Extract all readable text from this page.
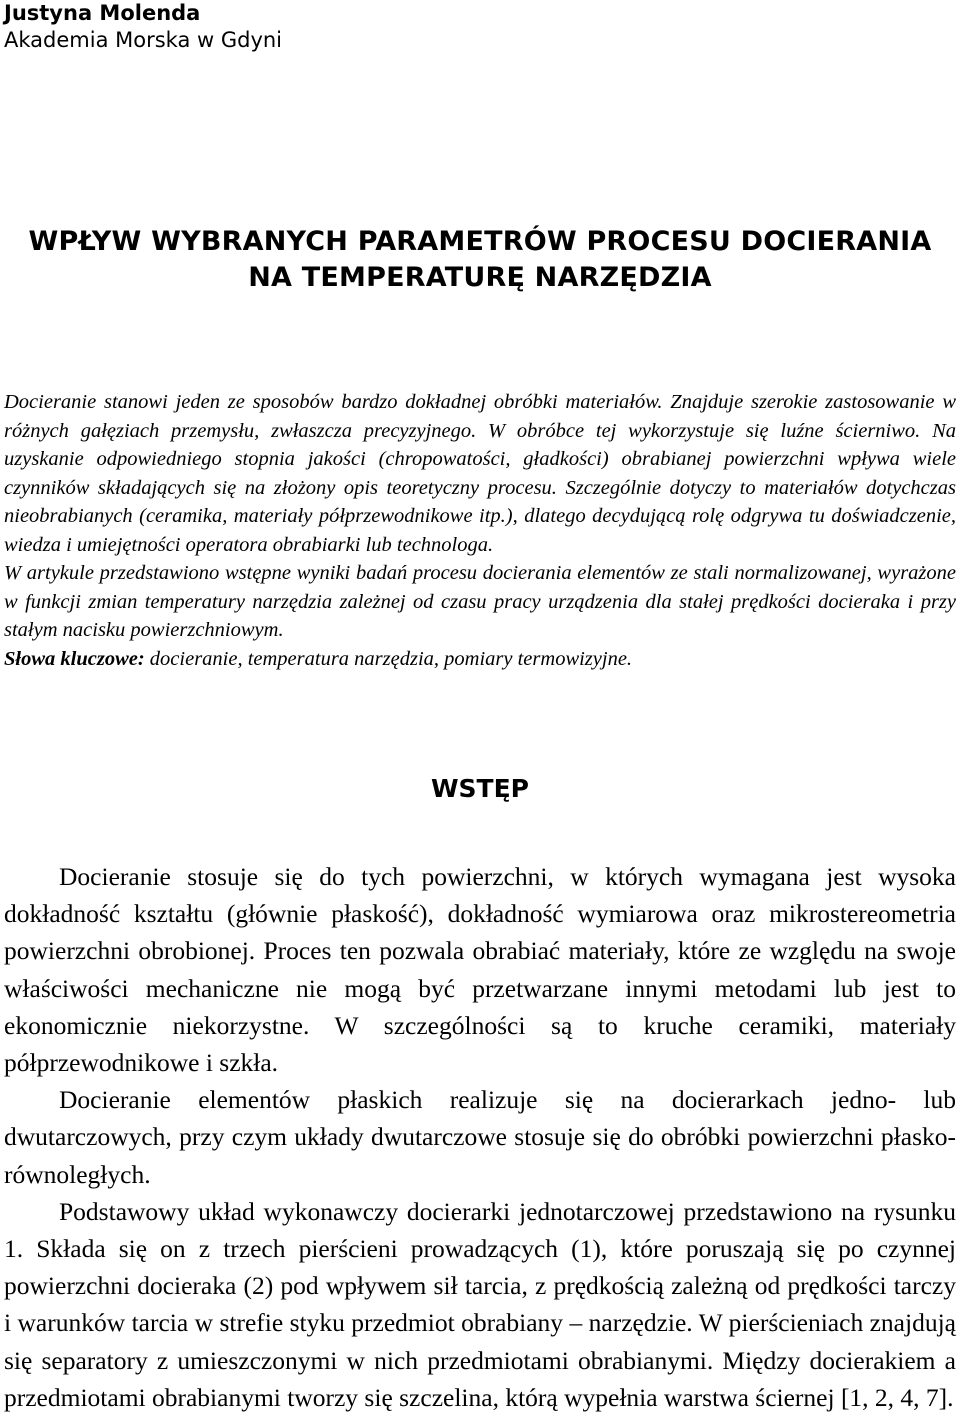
Justyna Molenda
Akademia Morska w Gdyni
WPŁYW WYBRANYCH PARAMETRÓW PROCESU DOCIERANIA
NA TEMPERATURĘ NARZĘDZIA

Docieranie stanowi jeden ze sposobów bardzo dokładnej obróbki materiałów. Znajduje szerokie zastosowanie w różnych gałęziach przemysłu, zwłaszcza precyzyjnego. W obróbce tej wykorzystuje się luźne ścierniwo. Na uzyskanie odpowiedniego stopnia jakości (chropowatości, gładkości) obrabianej powierzchni wpływa wiele czynników składających się na złożony opis teoretyczny procesu. Szczególnie dotyczy to materiałów dotychczas nieobrabianych (ceramika, materiały półprzewodnikowe itp.), dlatego decydującą rolę odgrywa tu doświadczenie, wiedza i umiejętności operatora obrabiarki lub technologa.

W artykule przedstawiono wstępne wyniki badań procesu docierania elementów ze stali normalizowanej, wyrażone w funkcji zmian temperatury narzędzia zależnej od czasu pracy urządzenia dla stałej prędkości docieraka i przy stałym nacisku powierzchniowym.

Słowa kluczowe: docieranie, temperatura narzędzia, pomiary termowizyjne.

WSTĘP

Docieranie stosuje się do tych powierzchni, w których wymagana jest wysoka dokładność kształtu (głównie płaskość), dokładność wymiarowa oraz mikrostereometria powierzchni obrobionej. Proces ten pozwala obrabiać materiały, które ze względu na swoje właściwości mechaniczne nie mogą być przetwarzane innymi metodami lub jest to ekonomicznie niekorzystne. W szczególności są to kruche ceramiki, materiały półprzewodnikowe i szkła.

Docieranie elementów płaskich realizuje się na docierarkach jedno- lub dwutarczowych, przy czym układy dwutarczowe stosuje się do obróbki powierzchni płasko-równoległych.

Podstawowy układ wykonawczy docierarki jednotarczowej przedstawiono na rysunku 1. Składa się on z trzech pierścieni prowadzących (1), które poruszają się po czynnej powierzchni docieraka (2) pod wpływem sił tarcia, z prędkością zależną od prędkości tarczy i warunków tarcia w strefie styku przedmiot obrabiany – narzędzie. W pierścieniach znajdują się separatory z umieszczonymi w nich przedmiotami obrabianymi. Między docierakiem a przedmiotami obrabianymi tworzy się szczelina, którą wypełnia warstwa ściernej [1, 2, 4, 7].
